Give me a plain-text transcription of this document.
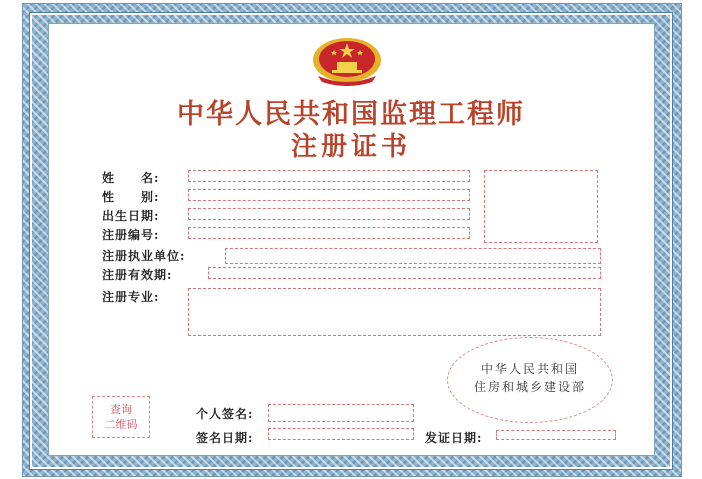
中华人民共和国监理工程师
注册证书
姓　　名:
性　　别:
出生日期:
注册编号:
注册执业单位:
注册有效期:
注册专业:
中华人民共和国
住房和城乡建设部
查询
二维码
个人签名:
签名日期:	发证日期:
